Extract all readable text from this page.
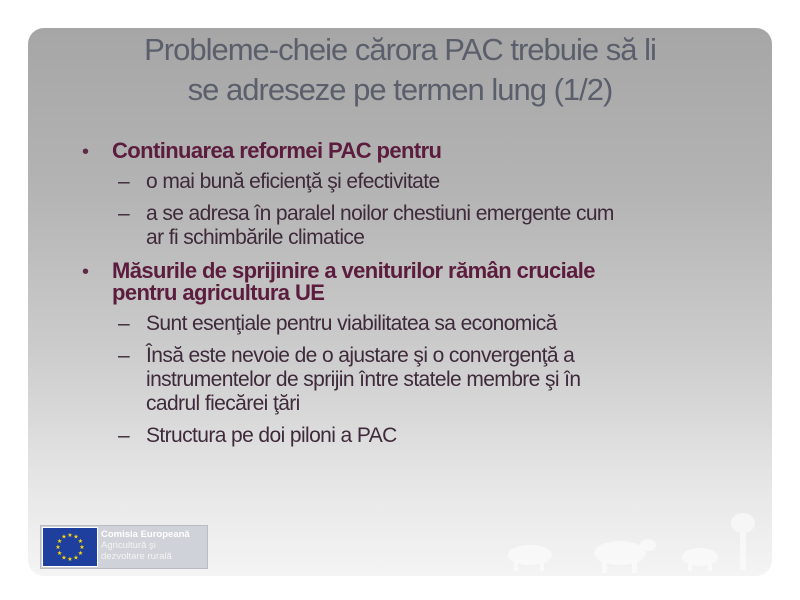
Probleme-cheie cărora PAC trebuie să li
se adreseze pe termen lung (1/2)
• Continuarea reformei PAC pentru
– o mai bună eficienţă şi efectivitate
– a se adresa în paralel noilor chestiuni emergente cum
ar fi schimbările climatice
• Măsurile de sprijinire a veniturilor rămân cruciale
pentru agricultura UE
– Sunt esenţiale pentru viabilitatea sa economică
– Însă este nevoie de o ajustare şi o convergenţă a
instrumentelor de sprijin între statele membre şi în
cadrul fiecărei ţări
– Structura pe doi piloni a PAC
★
★
★
★
★
★
★
★
★ ★ ★
★
Comisia Europeană
Agricultură şi
dezvoltare rurală
